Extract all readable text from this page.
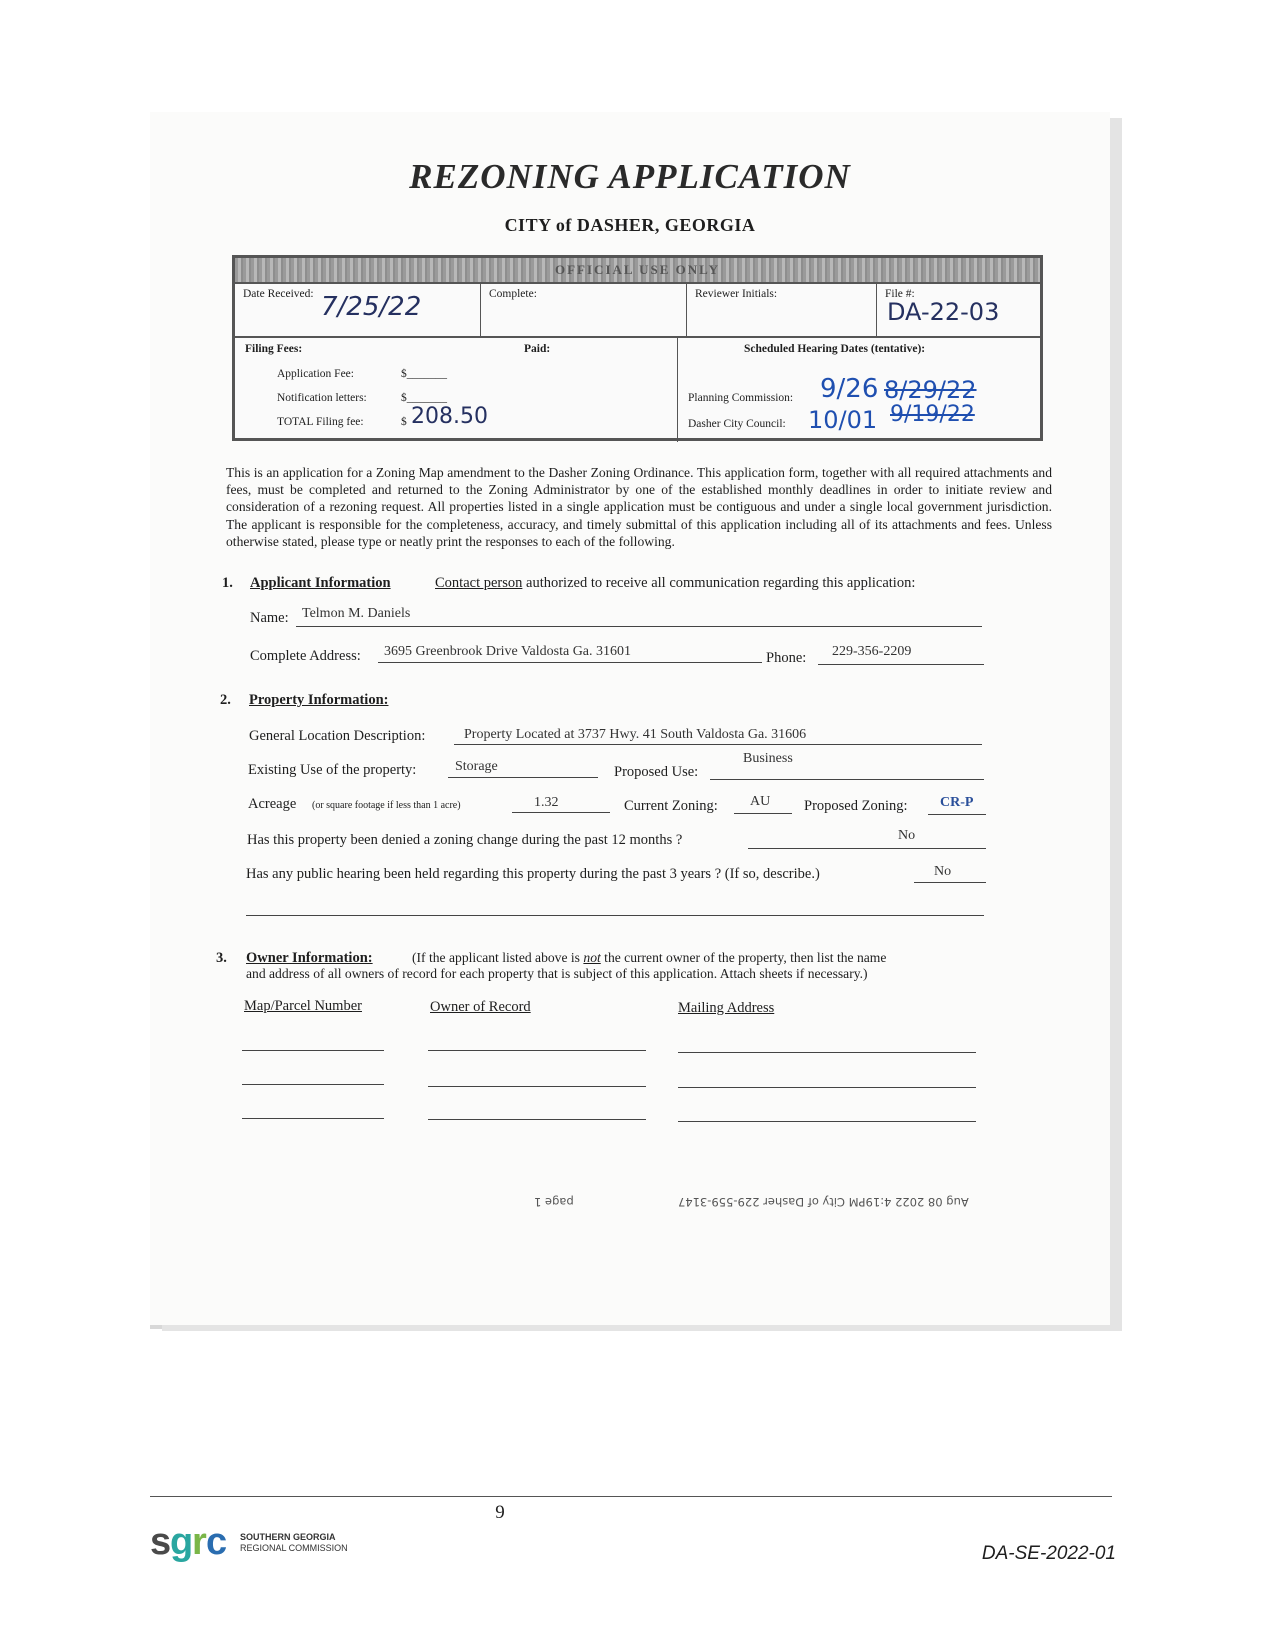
REZONING APPLICATION
CITY of DASHER, GEORGIA
OFFICIAL USE ONLY
Date Received: 7/25/22	Complete:	Reviewer Initials:	File #:
DA-22-03
Filing Fees:	Paid:
Application Fee:	$_______
Notification letters:	$_______
TOTAL Filing fee:	$ 208.50
Scheduled Hearing Dates (tentative):
Planning Commission: 9/26 8/29/22
Dasher City Council: 10/01 9/19/22
This is an application for a Zoning Map amendment to the Dasher Zoning Ordinance. This application form, together with all required attachments and fees, must be completed and returned to the Zoning Administrator by one of the established monthly deadlines in order to initiate review and consideration of a rezoning request. All properties listed in a single application must be contiguous and under a single local government jurisdiction. The applicant is responsible for the completeness, accuracy, and timely submittal of this application including all of its attachments and fees. Unless otherwise stated, please type or neatly print the responses to each of the following.
1. Applicant Information	Contact person authorized to receive all communication regarding this application:
Name: Telmon M. Daniels
Complete Address: 3695 Greenbrook Drive Valdosta Ga. 31601	Phone: 229-356-2209
2. Property Information:
General Location Description:	Property Located at 3737 Hwy. 41 South Valdosta Ga. 31606
Existing Use of the property:	Storage	Proposed Use:
Business
Acreage (or square footage if less than 1 acre)	1.32	Current Zoning: AU Proposed Zoning: CR-P
Has this property been denied a zoning change during the past 12 months ?	No
Has any public hearing been held regarding this property during the past 3 years ? (If so, describe.)	No
3. Owner Information:	(If the applicant listed above is not the current owner of the property, then list the name
and address of all owners of record for each property that is subject of this application. Attach sheets if necessary.)
Map/Parcel Number	Owner of Record	Mailing Address
page 1	Aug 08 2022 4:19PM City of Dasher 229-559-3147
9
s
g
r c SOUTHERN GEORGIA
REGIONAL COMMISSION	DA-SE-2022-01
